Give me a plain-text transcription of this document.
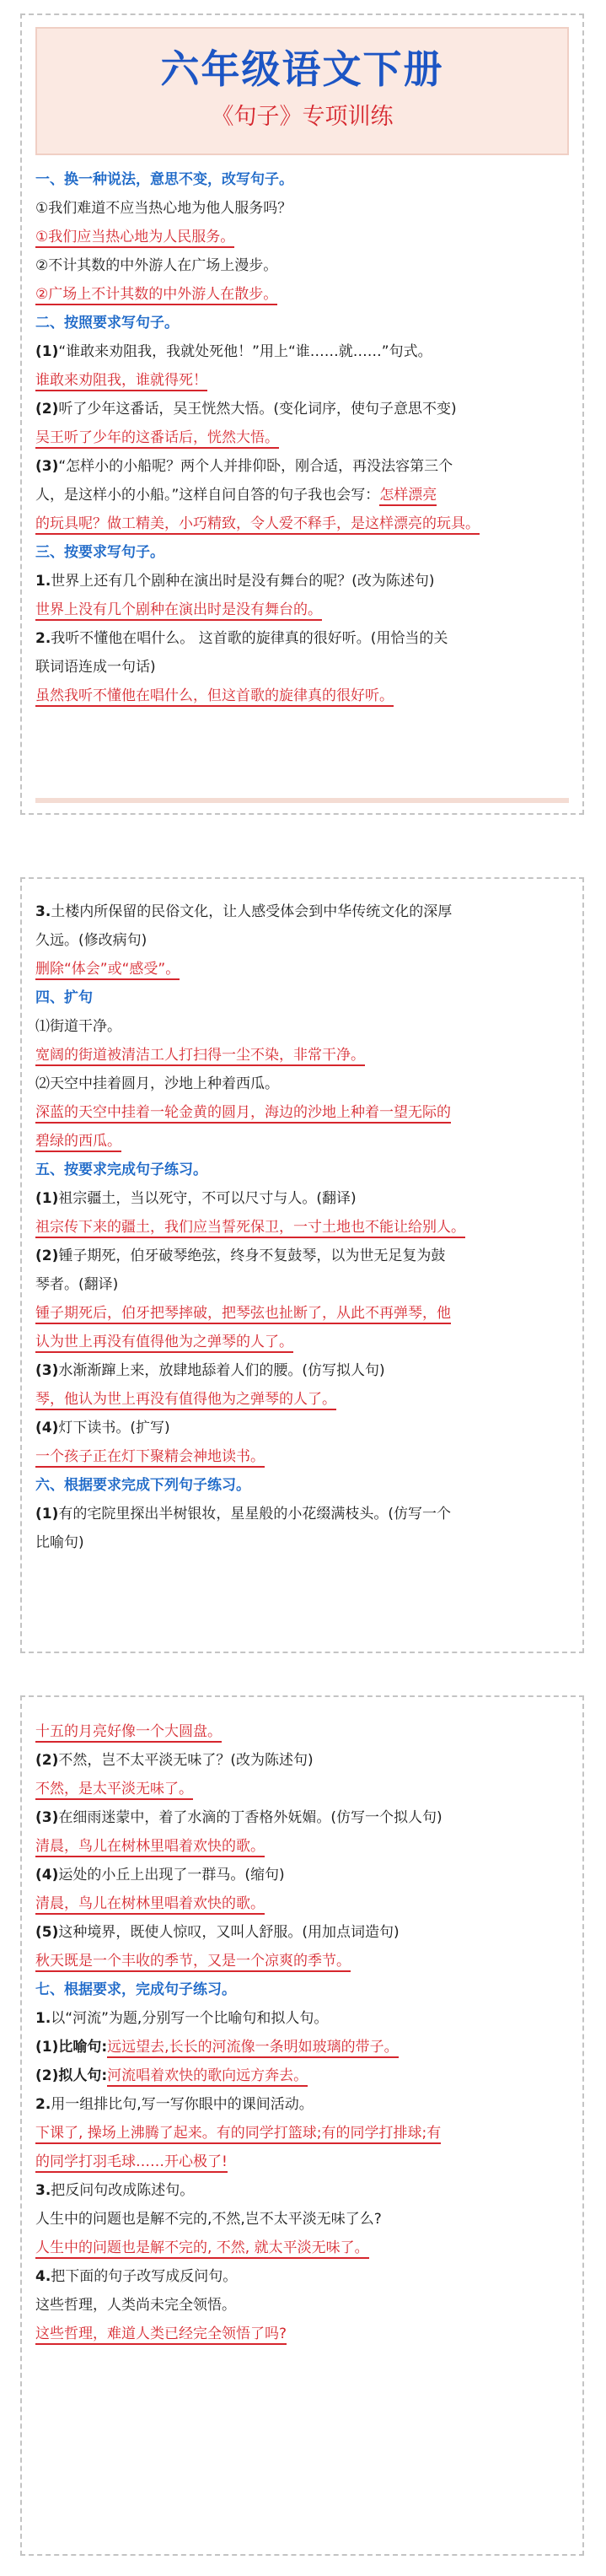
六年级语文下册
《句子》专项训练

一、换一种说法，意思不变，改写句子。

①我们难道不应当热心地为他人服务吗？

①我们应当热心地为人民服务。

②不计其数的中外游人在广场上漫步。

②广场上不计其数的中外游人在散步。

二、按照要求写句子。

(1)“谁敢来劝阻我，我就处死他！”用上“谁……就……”句式。

谁敢来劝阻我，谁就得死！

(2)听了少年这番话，吴王恍然大悟。(变化词序，使句子意思不变)

吴王听了少年的这番话后，恍然大悟。

(3)“怎样小的小船呢？两个人并排仰卧，刚合适，再没法容第三个

人，是这样小的小船。”这样自问自答的句子我也会写：怎样漂亮

的玩具呢？做工精美，小巧精致，令人爱不释手，是这样漂亮的玩具。

三、按要求写句子。

1.世界上还有几个剧种在演出时是没有舞台的呢？(改为陈述句)

世界上没有几个剧种在演出时是没有舞台的。

2.我听不懂他在唱什么。 这首歌的旋律真的很好听。(用恰当的关

联词语连成一句话)

虽然我听不懂他在唱什么，但这首歌的旋律真的很好听。

3.土楼内所保留的民俗文化，让人感受体会到中华传统文化的深厚

久远。(修改病句)

删除“体会”或“感受”。

四、扩句

⑴街道干净。

宽阔的街道被清洁工人打扫得一尘不染，非常干净。

⑵天空中挂着圆月，沙地上种着西瓜。

深蓝的天空中挂着一轮金黄的圆月，海边的沙地上种着一望无际的

碧绿的西瓜。

五、按要求完成句子练习。

(1)祖宗疆土，当以死守，不可以尺寸与人。(翻译)

祖宗传下来的疆土，我们应当誓死保卫，一寸土地也不能让给别人。

(2)锺子期死，伯牙破琴绝弦，终身不复鼓琴，以为世无足复为鼓

琴者。(翻译)

锺子期死后，伯牙把琴摔破，把琴弦也扯断了，从此不再弹琴，他

认为世上再没有值得他为之弹琴的人了。

(3)水渐渐蹿上来，放肆地舔着人们的腰。(仿写拟人句)

琴，他认为世上再没有值得他为之弹琴的人了。

(4)灯下读书。(扩写)

一个孩子正在灯下聚精会神地读书。

六、根据要求完成下列句子练习。

(1)有的宅院里探出半树银妆，星星般的小花缀满枝头。(仿写一个

比喻句)

十五的月亮好像一个大圆盘。

(2)不然，岂不太平淡无味了？(改为陈述句)

不然，是太平淡无味了。

(3)在细雨迷蒙中，着了水滴的丁香格外妩媚。(仿写一个拟人句)

清晨，鸟儿在树林里唱着欢快的歌。

(4)运处的小丘上出现了一群马。(缩句)

清晨，鸟儿在树林里唱着欢快的歌。

(5)这种境界，既使人惊叹，又叫人舒服。(用加点词造句)

秋天既是一个丰收的季节，又是一个凉爽的季节。

七、根据要求，完成句子练习。

1.以“河流”为题,分别写一个比喻句和拟人句。

(1)比喻句:远远望去,长长的河流像一条明如玻璃的带子。

(2)拟人句:河流唱着欢快的歌向远方奔去。

2.用一组排比句,写一写你眼中的课间活动。

下课了, 操场上沸腾了起来。有的同学打篮球;有的同学打排球;有

的同学打羽毛球……开心极了!

3.把反问句改成陈述句。

人生中的问题也是解不完的,不然,岂不太平淡无味了么?

人生中的问题也是解不完的, 不然, 就太平淡无味了。

4.把下面的句子改写成反问句。

这些哲理，人类尚未完全领悟。

这些哲理，难道人类已经完全领悟了吗?
